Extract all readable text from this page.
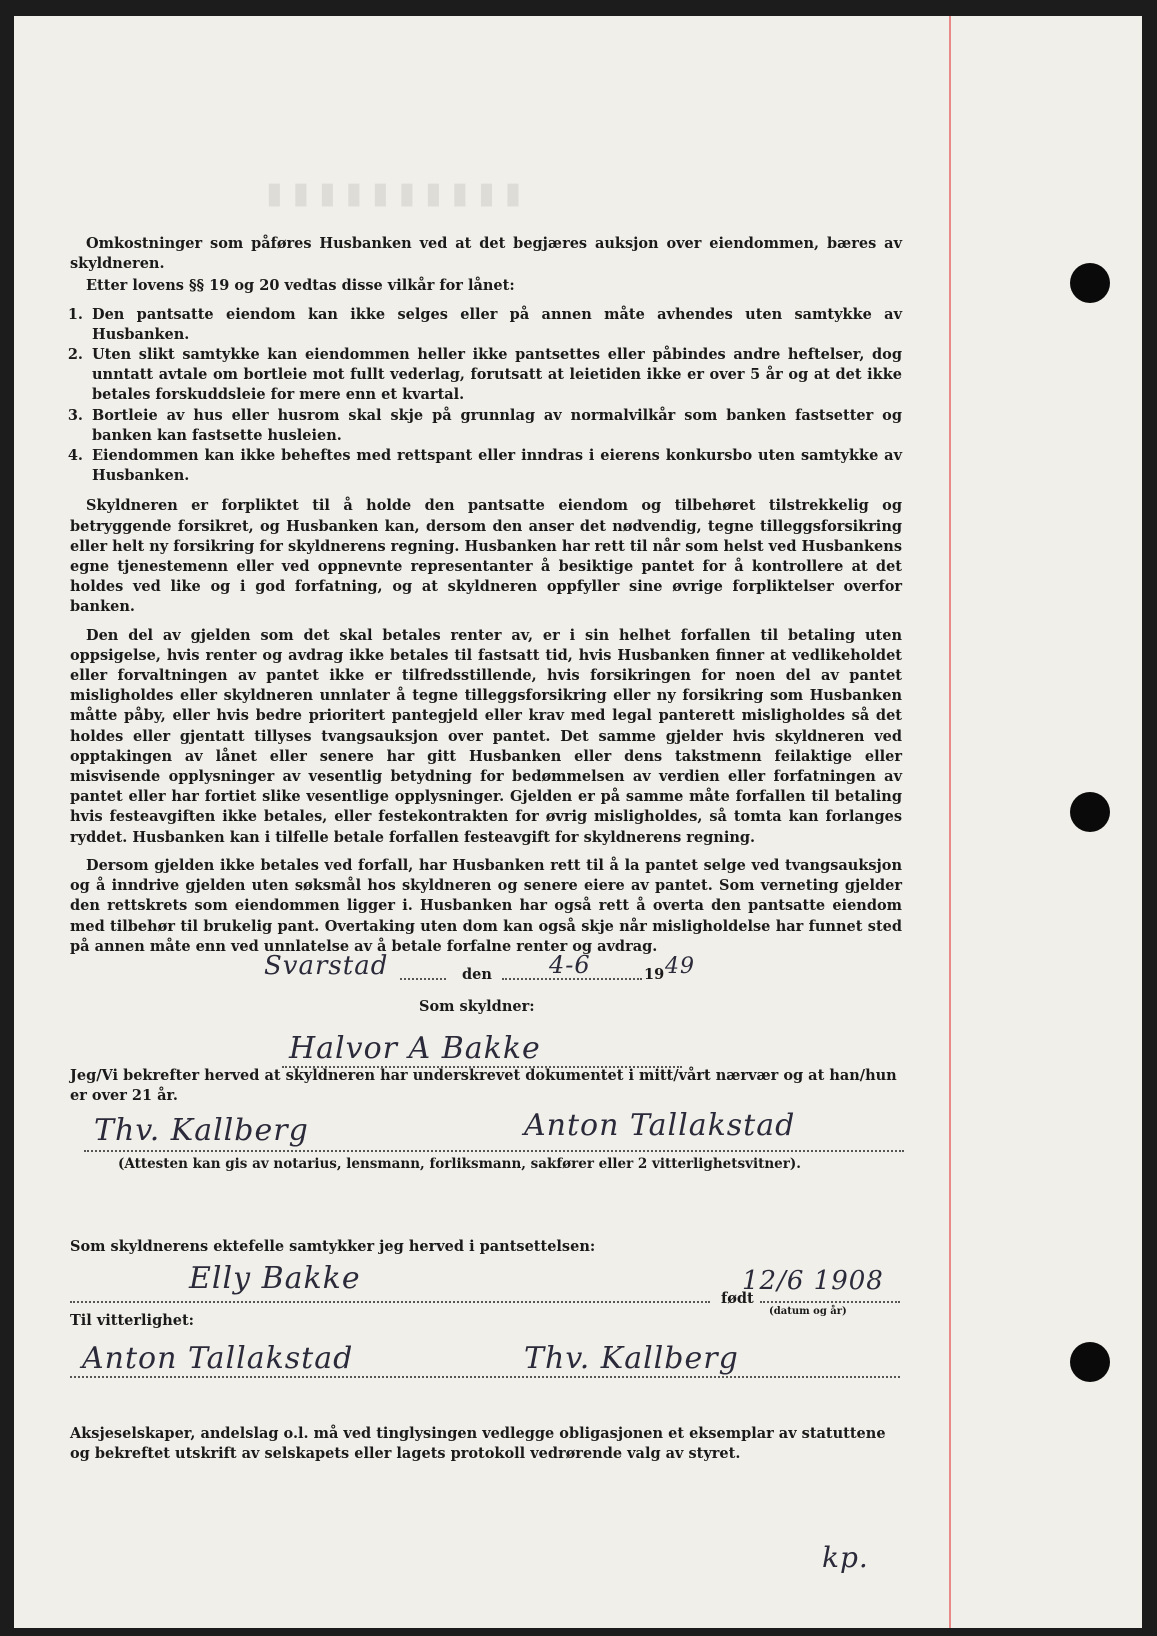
▮▮▮▮▮▮▮▮▮▮

Omkostninger som påføres Husbanken ved at det begjæres auksjon over eiendommen, bæres av skyldneren.

Etter lovens §§ 19 og 20 vedtas disse vilkår for lånet:

1. Den pantsatte eiendom kan ikke selges eller på annen måte avhendes uten samtykke av Husbanken.
2. Uten slikt samtykke kan eiendommen heller ikke pantsettes eller påbindes andre heftelser, dog unntatt avtale om bortleie mot fullt vederlag, forutsatt at leietiden ikke er over 5 år og at det ikke betales forskuddsleie for mere enn et kvartal.
3. Bortleie av hus eller husrom skal skje på grunnlag av normalvilkår som banken fastsetter og banken kan fastsette husleien.
4. Eiendommen kan ikke beheftes med rettspant eller inndras i eierens konkursbo uten samtykke av Husbanken.

Skyldneren er forpliktet til å holde den pantsatte eiendom og tilbehøret tilstrekkelig og betryggende forsikret, og Husbanken kan, dersom den anser det nødvendig, tegne tilleggsforsikring eller helt ny forsikring for skyldnerens regning. Husbanken har rett til når som helst ved Husbankens egne tjenestemenn eller ved oppnevnte representanter å besiktige pantet for å kontrollere at det holdes ved like og i god forfatning, og at skyldneren oppfyller sine øvrige forpliktelser overfor banken.

Den del av gjelden som det skal betales renter av, er i sin helhet forfallen til betaling uten oppsigelse, hvis renter og avdrag ikke betales til fastsatt tid, hvis Husbanken finner at vedlikeholdet eller forvaltningen av pantet ikke er tilfredsstillende, hvis forsikringen for noen del av pantet misligholdes eller skyldneren unnlater å tegne tilleggsforsikring eller ny forsikring som Husbanken måtte påby, eller hvis bedre prioritert pantegjeld eller krav med legal panterett misligholdes så det holdes eller gjentatt tillyses tvangsauksjon over pantet. Det samme gjelder hvis skyldneren ved opptakingen av lånet eller senere har gitt Husbanken eller dens takstmenn feilaktige eller misvisende opplysninger av vesentlig betydning for bedømmelsen av verdien eller forfatningen av pantet eller har fortiet slike vesentlige opplysninger. Gjelden er på samme måte forfallen til betaling hvis festeavgiften ikke betales, eller festekontrakten for øvrig misligholdes, så tomta kan forlanges ryddet. Husbanken kan i tilfelle betale forfallen festeavgift for skyldnerens regning.

Dersom gjelden ikke betales ved forfall, har Husbanken rett til å la pantet selge ved tvangsauksjon og å inndrive gjelden uten søksmål hos skyldneren og senere eiere av pantet. Som verneting gjelder den rettskrets som eiendommen ligger i. Husbanken har også rett å overta den pantsatte eiendom med tilbehør til brukelig pant. Overtaking uten dom kan også skje når misligholdelse har funnet sted på annen måte enn ved unnlatelse av å betale forfalne renter og avdrag.

Svarstad	den 4-6	19 49
Som skyldner:
Halvor A Bakke
Jeg/Vi bekrefter herved at skyldneren har underskrevet dokumentet i mitt/vårt nærvær og at han/hun er over 21 år.
Thv. Kallberg	Anton Tallakstad
(Attesten kan gis av notarius, lensmann, forliksmann, sakfører eller 2 vitterlighetsvitner).
Som skyldnerens ektefelle samtykker jeg herved i pantsettelsen:
Elly Bakke
født
12/6 1908
(datum og år)
Til vitterlighet:
Anton Tallakstad	Thv. Kallberg
Aksjeselskaper, andelslag o.l. må ved tinglysingen vedlegge obligasjonen et eksemplar av statuttene og bekreftet utskrift av selskapets eller lagets protokoll vedrørende valg av styret.
kp.
